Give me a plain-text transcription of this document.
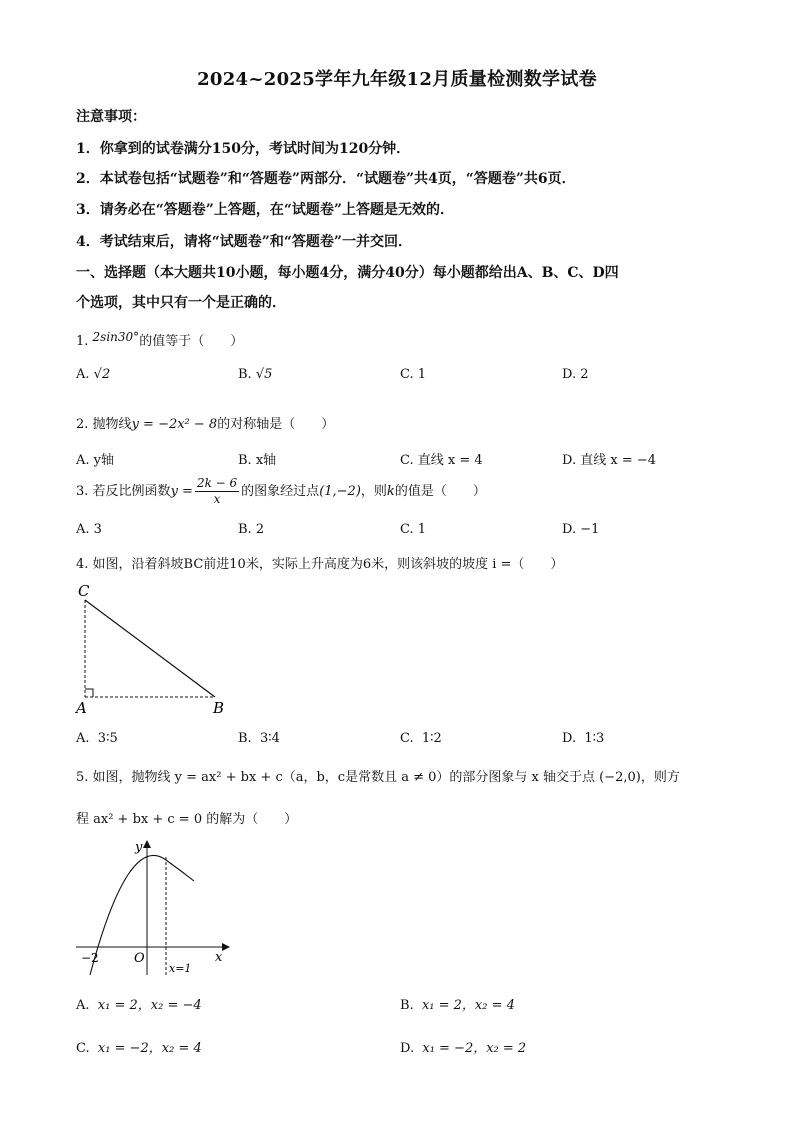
2024~2025学年九年级12月质量检测数学试卷
注意事项：
1．你拿到的试卷满分150分，考试时间为120分钟．
2．本试卷包括“试题卷”和“答题卷”两部分．“试题卷”共4页，“答题卷”共6页．
3．请务必在“答题卷”上答题，在“试题卷”上答题是无效的．
4．考试结束后，请将“试题卷”和“答题卷”一并交回．
一、选择题（本大题共10小题，每小题4分，满分40分）每小题都给出A、B、C、D四
个选项，其中只有一个是正确的．
1. 2sin30°的值等于（　　）
A. √2	B. √5	C. 1	D. 2
2. 抛物线y = −2x² − 8的对称轴是（　　）
A. y轴	B. x轴	C. 直线 x = 4	D. 直线 x = −4
3. 若反比例函数$y = \frac{2k - 6}{x}$ 的图象经过点(1,−2)，则k的值是（　　）
A. 3	B. 2	C. 1	D. −1
4. 如图，沿着斜坡BC前进10米，实际上升高度为6米，则该斜坡的坡度 i =（　　）
C
A	B
A. 3∶5	B. 3∶4	C. 1∶2	D. 1∶3
5. 如图，抛物线 y = ax² + bx + c（a，b，c是常数且 a ≠ 0）的部分图象与 x 轴交于点 (−2,0)，则方
程 ax² + bx + c = 0 的解为（　　）
y
x
O
−2
x=1
A. x₁ = 2，x₂ = −4	B. x₁ = 2，x₂ = 4
C. x₁ = −2，x₂ = 4	D. x₁ = −2，x₂ = 2
